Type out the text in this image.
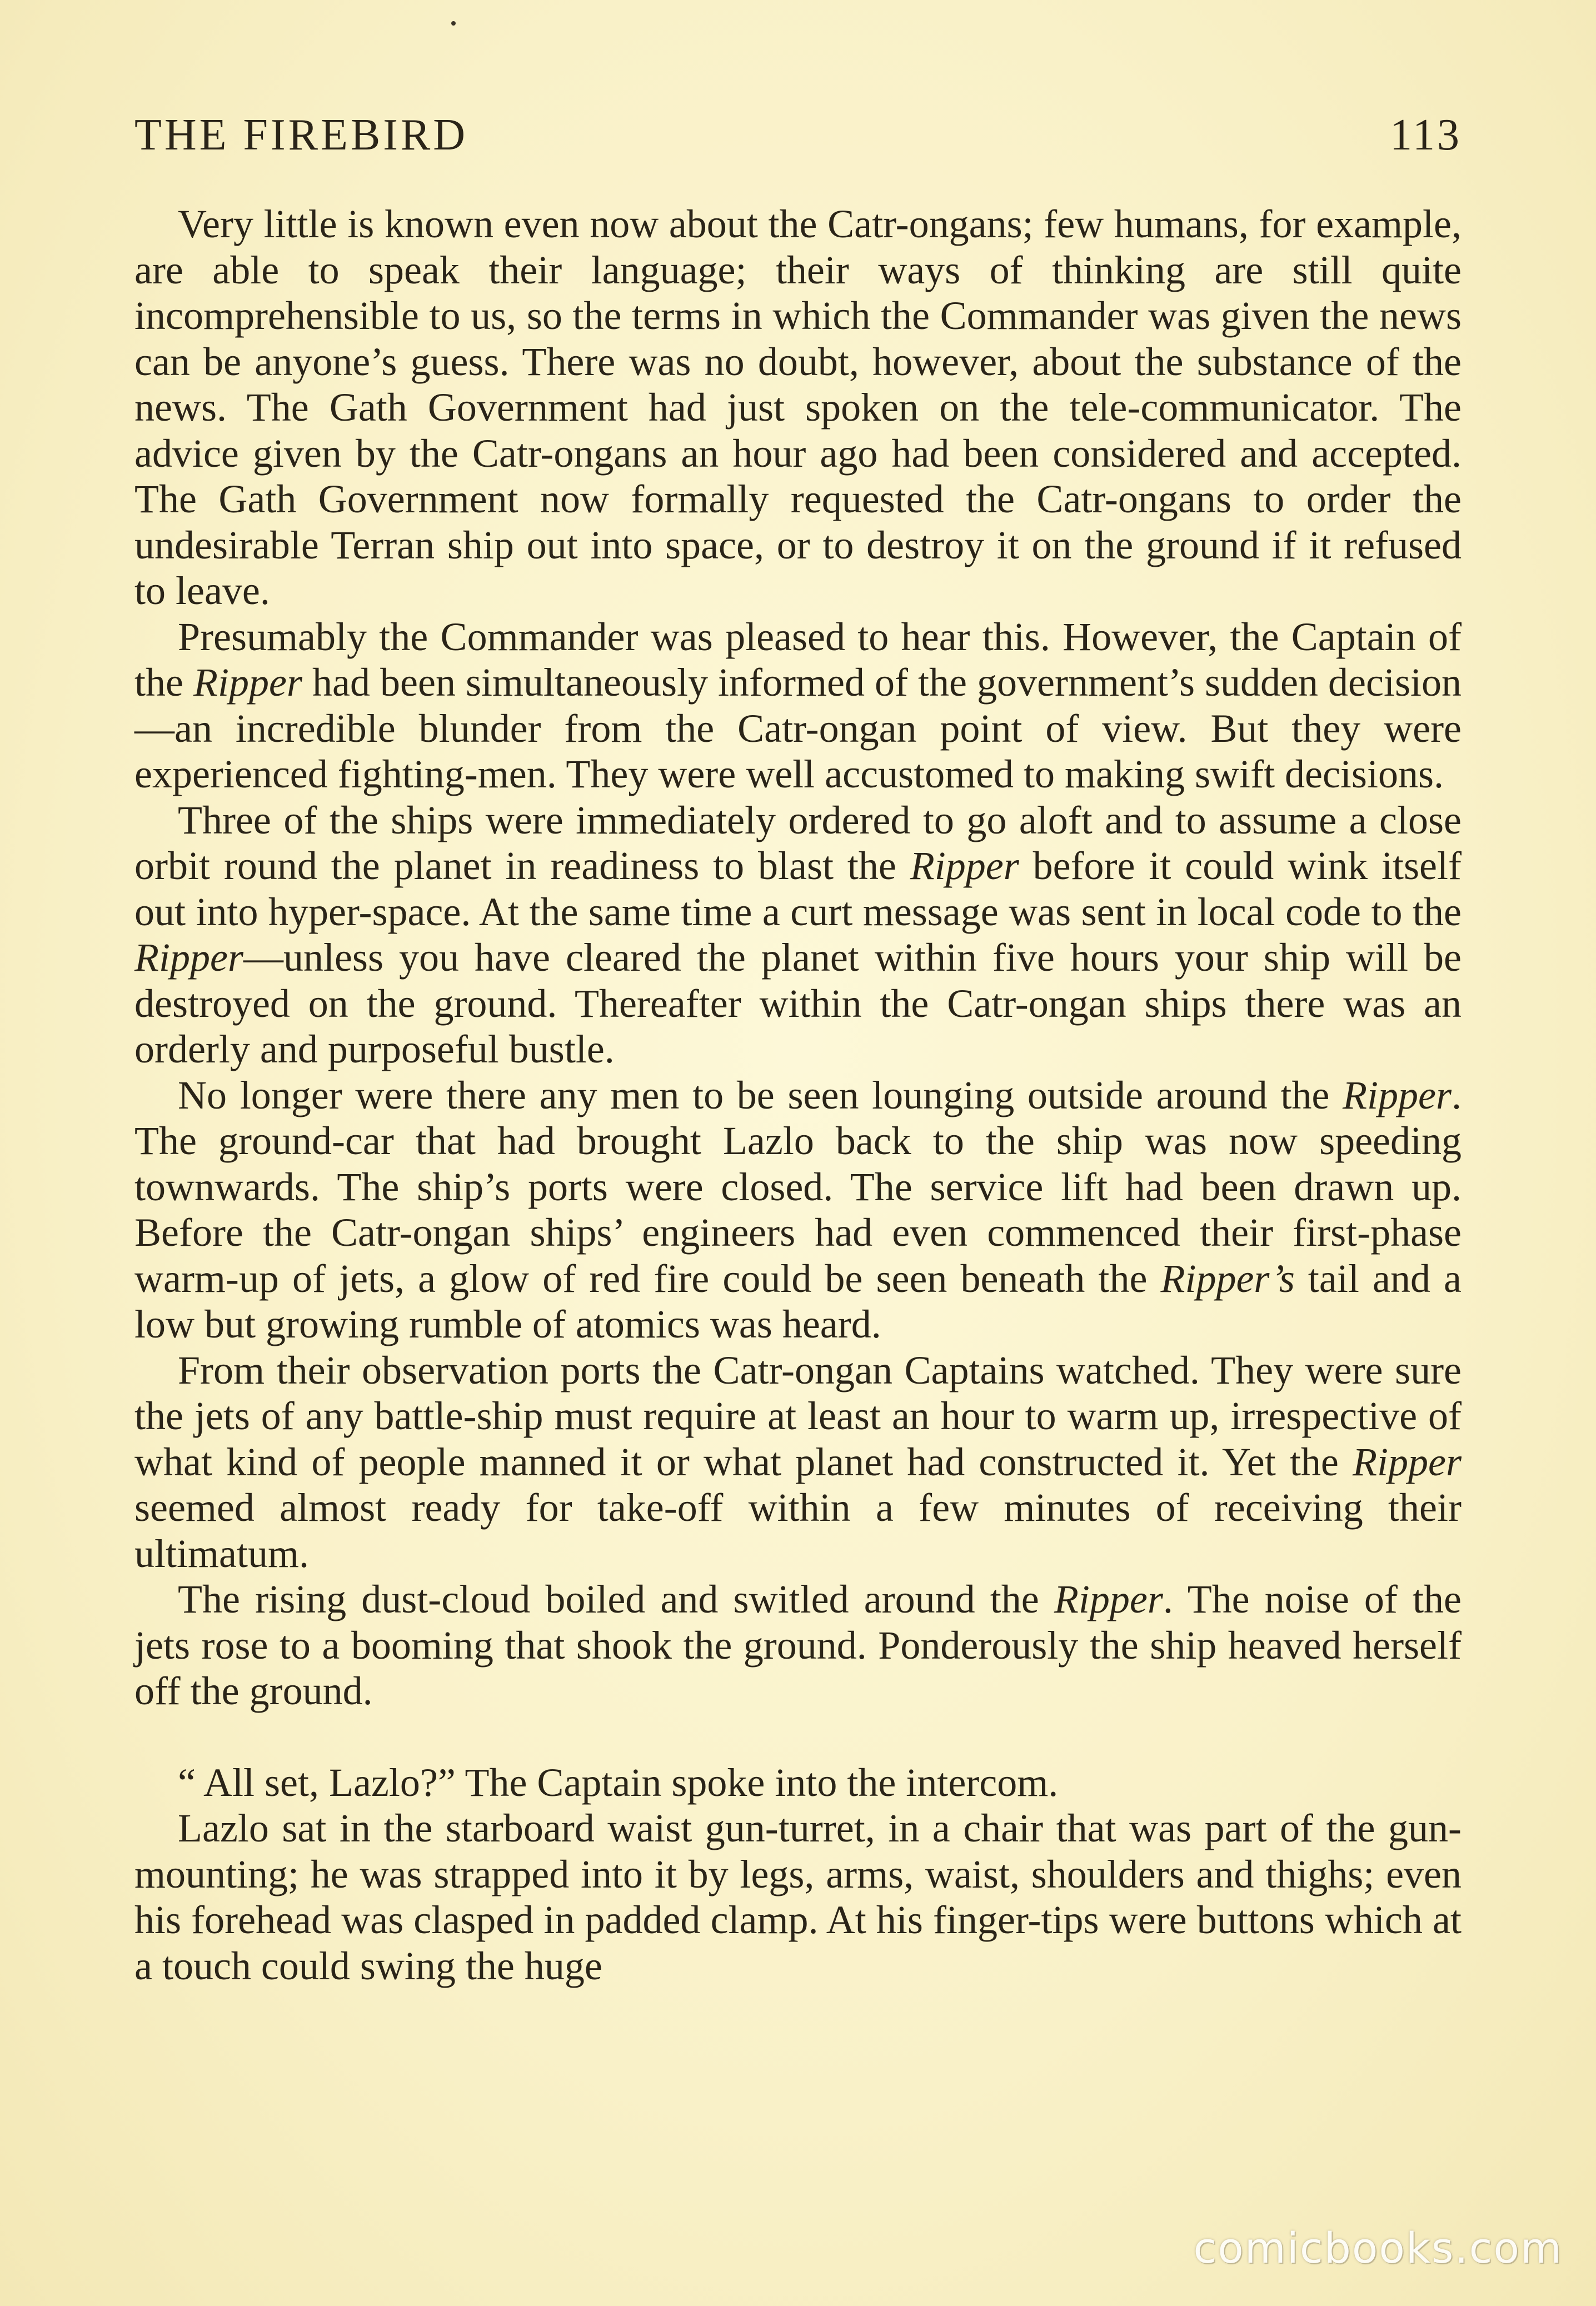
THE FIREBIRD	113

Very little is known even now about the Catr-ongans; few humans, for example, are able to speak their language; their ways of thinking are still quite incomprehensible to us, so the terms in which the Commander was given the news can be anyone’s guess. There was no doubt, however, about the substance of the news. The Gath Government had just spoken on the tele-communicator. The advice given by the Catr-ongans an hour ago had been considered and accepted. The Gath Government now formally requested the Catr-ongans to order the undesirable Terran ship out into space, or to destroy it on the ground if it refused to leave.

Presumably the Commander was pleased to hear this. However, the Captain of the Ripper had been simultaneously informed of the government’s sudden decision—an incredible blunder from the Catr-ongan point of view. But they were experienced fighting-men. They were well accustomed to making swift decisions.

Three of the ships were immediately ordered to go aloft and to assume a close orbit round the planet in readiness to blast the Ripper before it could wink itself out into hyper-space. At the same time a curt message was sent in local code to the Ripper—unless you have cleared the planet within five hours your ship will be destroyed on the ground. Thereafter within the Catr-ongan ships there was an orderly and purposeful bustle.

No longer were there any men to be seen lounging outside around the Ripper. The ground-car that had brought Lazlo back to the ship was now speeding townwards. The ship’s ports were closed. The service lift had been drawn up. Before the Catr-ongan ships’ engineers had even commenced their first-phase warm-up of jets, a glow of red fire could be seen beneath the Ripper’s tail and a low but growing rumble of atomics was heard.

From their observation ports the Catr-ongan Captains watched. They were sure the jets of any battle-ship must require at least an hour to warm up, irrespective of what kind of people manned it or what planet had constructed it. Yet the Ripper seemed almost ready for take-off within a few minutes of receiving their ultimatum.

The rising dust-cloud boiled and switled around the Ripper. The noise of the jets rose to a booming that shook the ground. Ponderously the ship heaved herself off the ground.

“ All set, Lazlo?” The Captain spoke into the intercom.

Lazlo sat in the starboard waist gun-turret, in a chair that was part of the gun-mounting; he was strapped into it by legs, arms, waist, shoulders and thighs; even his forehead was clasped in padded clamp. At his finger-tips were buttons which at a touch could swing the huge

comicbooks.com
